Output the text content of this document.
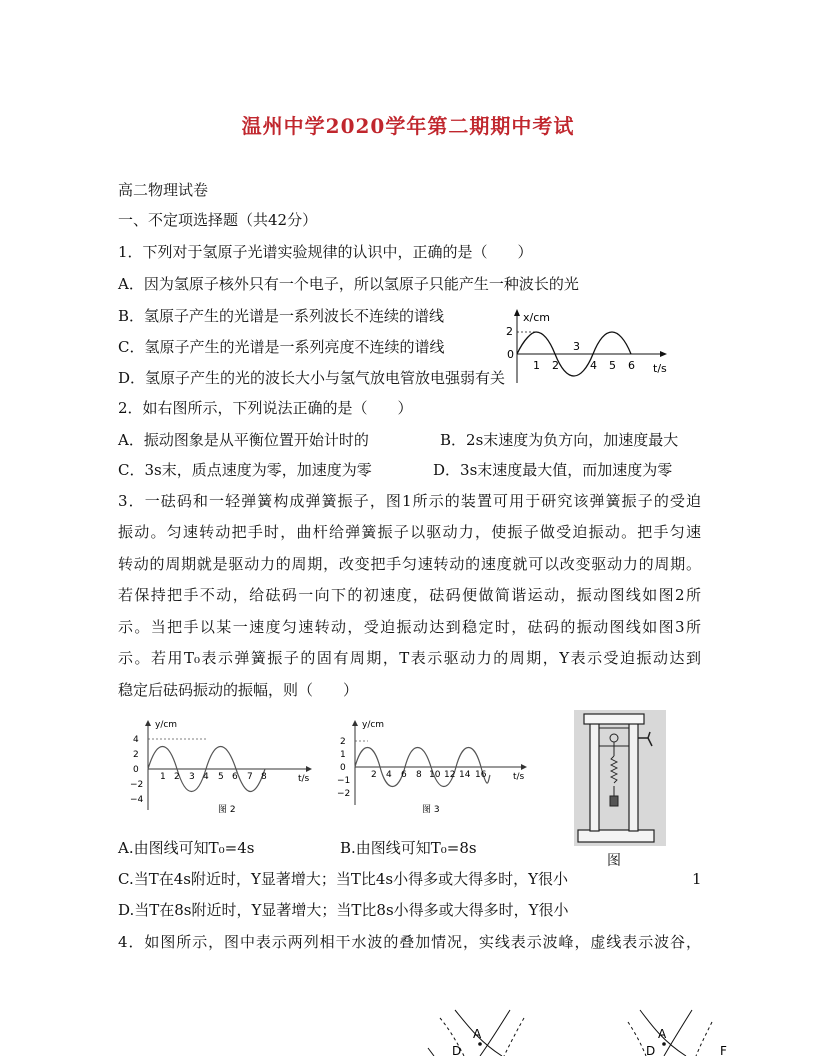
温州中学2020学年第二期期中考试
高二物理试卷
一、不定项选择题（共42分）
1．下列对于氢原子光谱实验规律的认识中，正确的是（　　）
A．因为氢原子核外只有一个电子，所以氢原子只能产生一种波长的光
B．氢原子产生的光谱是一系列波长不连续的谱线
C．氢原子产生的光谱是一系列亮度不连续的谱线
D．氢原子产生的光的波长大小与氢气放电管放电强弱有关
x/cm
t/s
2
0
1 2
3
4 5 6
2．如右图所示，下列说法正确的是（　　）
A．振动图象是从平衡位置开始计时的	B．2s末速度为负方向，加速度最大
C．3s末，质点速度为零，加速度为零	D．3s末速度最大值，而加速度为零
3．一砝码和一轻弹簧构成弹簧振子，图1所示的装置可用于研究该弹簧振子的受迫
振动。匀速转动把手时，曲杆给弹簧振子以驱动力，使振子做受迫振动。把手匀速
转动的周期就是驱动力的周期，改变把手匀速转动的速度就可以改变驱动力的周期。
若保持把手不动，给砝码一向下的初速度，砝码便做简谐运动，振动图线如图2所
示。当把手以某一速度匀速转动，受迫振动达到稳定时，砝码的振动图线如图3所
示。若用T₀表示弹簧振子的固有周期，T表示驱动力的周期，Y表示受迫振动达到
稳定后砝码振动的振幅，则（　　）
y/cm
t/s
4
2
0
−2
−4
1 2 3 4 5 6 7 8
图 2
y/cm
t/s
2
1
0
−1
−2
2 4 6 8 10 12 14 16
图 3
图
A.由图线可知T₀=4s	B.由图线可知T₀=8s
C.当T在4s附近时，Y显著增大；当T比4s小得多或大得多时，Y很小	1
D.当T在8s附近时，Y显著增大；当T比8s小得多或大得多时，Y很小
4．如图所示，图中表示两列相干水波的叠加情况，实线表示波峰，虚线表示波谷，
A
D
A
D	F
